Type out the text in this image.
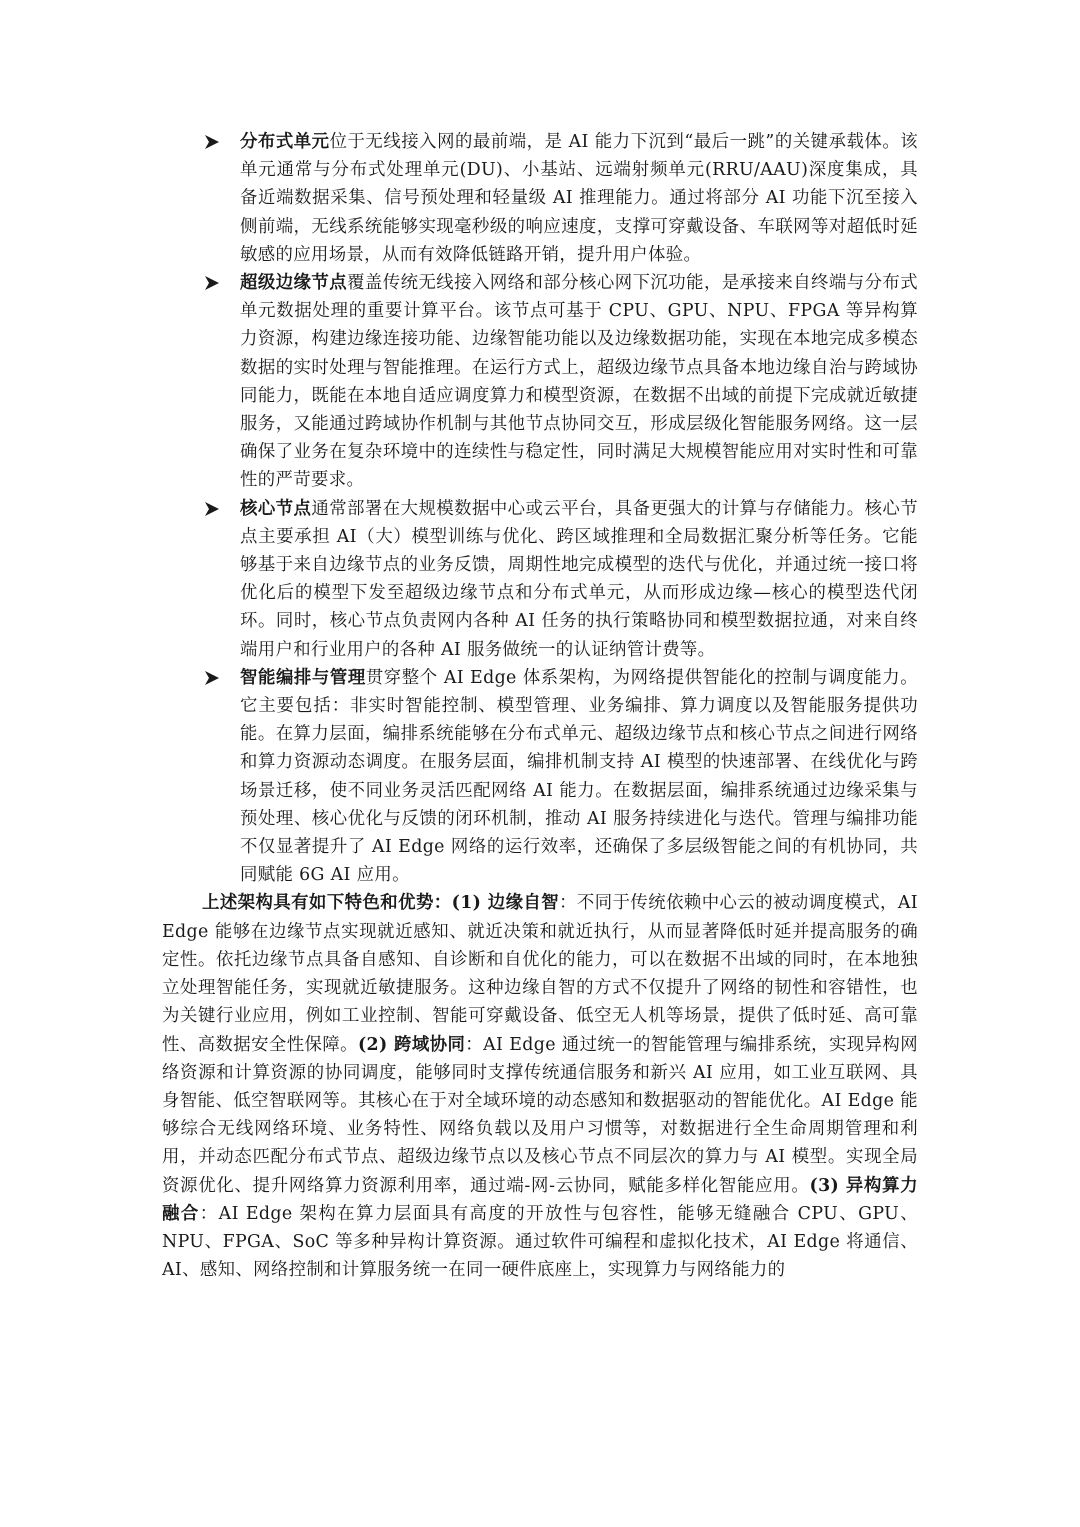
分布式单元位于无线接入网的最前端，是 AI 能力下沉到“最后一跳”的关键承载体。该单元通常与分布式处理单元(DU)、小基站、远端射频单元(RRU/AAU)深度集成，具备近端数据采集、信号预处理和轻量级 AI 推理能力。通过将部分 AI 功能下沉至接入侧前端，无线系统能够实现毫秒级的响应速度，支撑可穿戴设备、车联网等对超低时延敏感的应用场景，从而有效降低链路开销，提升用户体验。

超级边缘节点覆盖传统无线接入网络和部分核心网下沉功能，是承接来自终端与分布式单元数据处理的重要计算平台。该节点可基于 CPU、GPU、NPU、FPGA 等异构算力资源，构建边缘连接功能、边缘智能功能以及边缘数据功能，实现在本地完成多模态数据的实时处理与智能推理。在运行方式上，超级边缘节点具备本地边缘自治与跨域协同能力，既能在本地自适应调度算力和模型资源，在数据不出域的前提下完成就近敏捷服务，又能通过跨域协作机制与其他节点协同交互，形成层级化智能服务网络。这一层确保了业务在复杂环境中的连续性与稳定性，同时满足大规模智能应用对实时性和可靠性的严苛要求。

核心节点通常部署在大规模数据中心或云平台，具备更强大的计算与存储能力。核心节点主要承担 AI（大）模型训练与优化、跨区域推理和全局数据汇聚分析等任务。它能够基于来自边缘节点的业务反馈，周期性地完成模型的迭代与优化，并通过统一接口将优化后的模型下发至超级边缘节点和分布式单元，从而形成边缘—核心的模型迭代闭环。同时，核心节点负责网内各种 AI 任务的执行策略协同和模型数据拉通，对来自终端用户和行业用户的各种 AI 服务做统一的认证纳管计费等。

智能编排与管理贯穿整个 AI Edge 体系架构，为网络提供智能化的控制与调度能力。它主要包括：非实时智能控制、模型管理、业务编排、算力调度以及智能服务提供功能。在算力层面，编排系统能够在分布式单元、超级边缘节点和核心节点之间进行网络和算力资源动态调度。在服务层面，编排机制支持 AI 模型的快速部署、在线优化与跨场景迁移，使不同业务灵活匹配网络 AI 能力。在数据层面，编排系统通过边缘采集与预处理、核心优化与反馈的闭环机制，推动 AI 服务持续进化与迭代。管理与编排功能不仅显著提升了 AI Edge 网络的运行效率，还确保了多层级智能之间的有机协同，共同赋能 6G AI 应用。

上述架构具有如下特色和优势：(1) 边缘自智：不同于传统依赖中心云的被动调度模式，AI Edge 能够在边缘节点实现就近感知、就近决策和就近执行，从而显著降低时延并提高服务的确定性。依托边缘节点具备自感知、自诊断和自优化的能力，可以在数据不出域的同时，在本地独立处理智能任务，实现就近敏捷服务。这种边缘自智的方式不仅提升了网络的韧性和容错性，也为关键行业应用，例如工业控制、智能可穿戴设备、低空无人机等场景，提供了低时延、高可靠性、高数据安全性保障。(2) 跨域协同：AI Edge 通过统一的智能管理与编排系统，实现异构网络资源和计算资源的协同调度，能够同时支撑传统通信服务和新兴 AI 应用，如工业互联网、具身智能、低空智联网等。其核心在于对全域环境的动态感知和数据驱动的智能优化。AI Edge 能够综合无线网络环境、业务特性、网络负载以及用户习惯等，对数据进行全生命周期管理和利用，并动态匹配分布式节点、超级边缘节点以及核心节点不同层次的算力与 AI 模型。实现全局资源优化、提升网络算力资源利用率，通过端-网-云协同，赋能多样化智能应用。(3) 异构算力融合：AI Edge 架构在算力层面具有高度的开放性与包容性，能够无缝融合 CPU、GPU、NPU、FPGA、SoC 等多种异构计算资源。通过软件可编程和虚拟化技术，AI Edge 将通信、AI、感知、网络控制和计算服务统一在同一硬件底座上，实现算力与网络能力的
